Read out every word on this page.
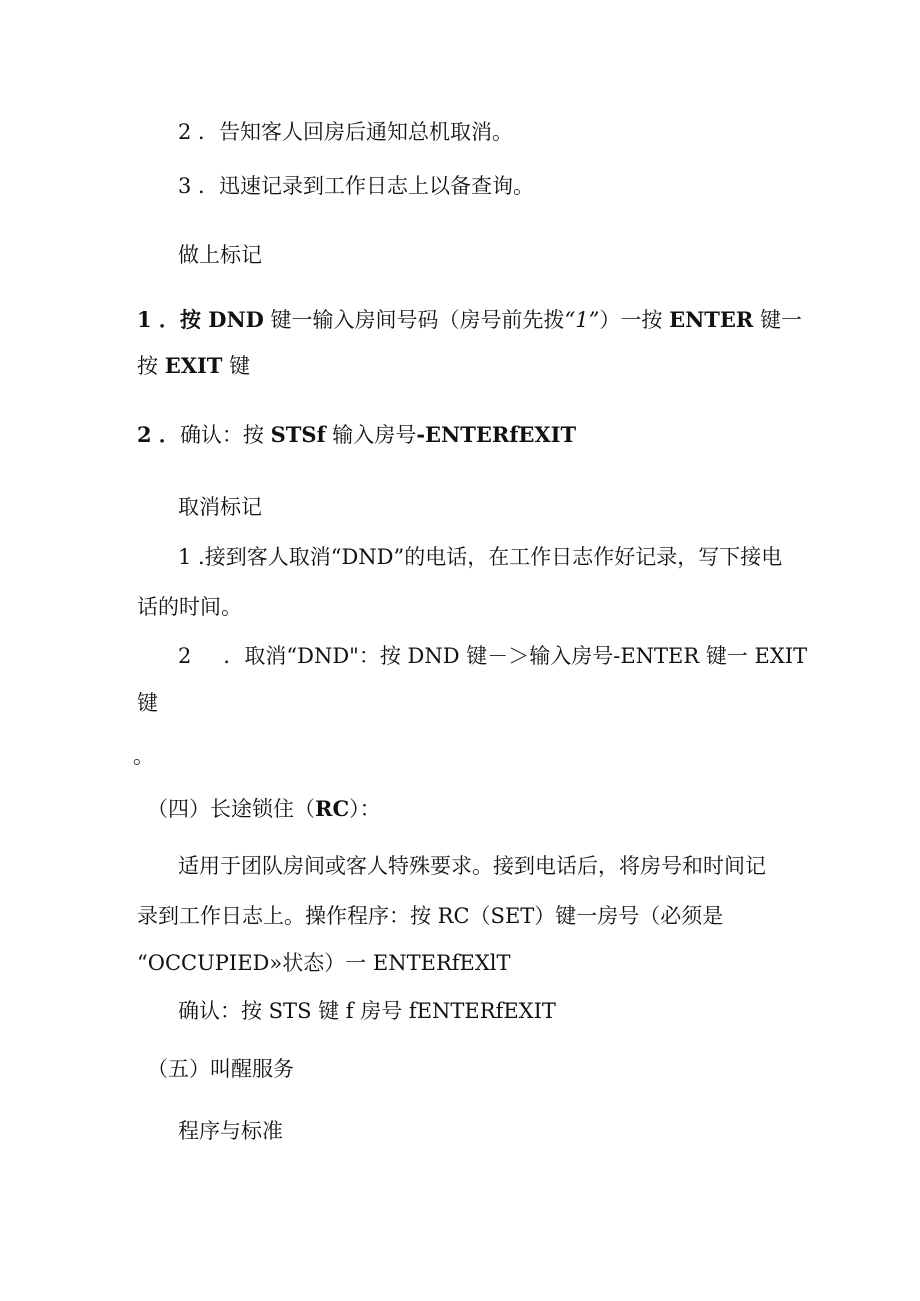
2 ．告知客人回房后通知总机取消。
3 ．迅速记录到工作日志上以备查询。
做上标记
1 ．按 DND 键一输入房间号码（房号前先拨“1”）一按 ENTER 键一
按 EXIT 键
2 ．确认：按 STSf 输入房号-ENTERfEXIT
取消标记
1 .接到客人取消“DND”的电话，在工作日志作好记录，写下接电
话的时间。
2 ．取消“DND"：按 DND 键－＞输入房号-ENTER 键一 EXIT
键
。
（四）长途锁住（RC）：
适用于团队房间或客人特殊要求。接到电话后，将房号和时间记
录到工作日志上。操作程序：按 RC（SET）键一房号（必须是
“OCCUPIED»状态）一 ENTERfEXlT
确认：按 STS 键 f 房号 fENTERfEXIT
（五）叫醒服务
程序与标准
